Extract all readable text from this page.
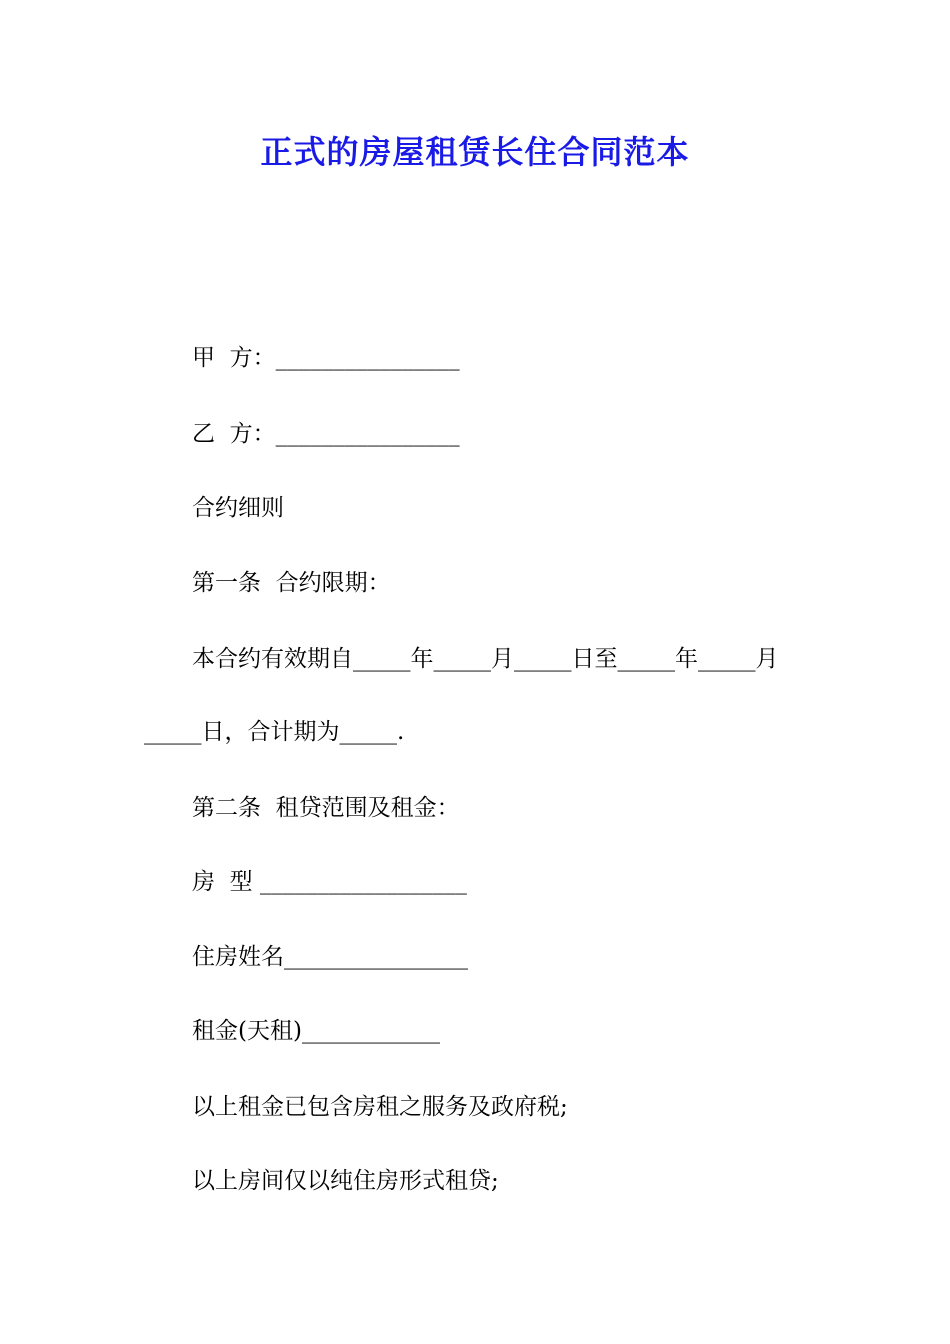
正式的房屋租赁长住合同范本

甲  方：________________

乙  方：________________

合约细则

第一条  合约限期：

本合约有效期自_____年_____月_____日至_____年_____月

_____日，合计期为_____.

第二条  租贷范围及租金：

房  型 __________________

住房姓名________________

租金(天租)____________

以上租金已包含房租之服务及政府税;

以上房间仅以纯住房形式租贷;
